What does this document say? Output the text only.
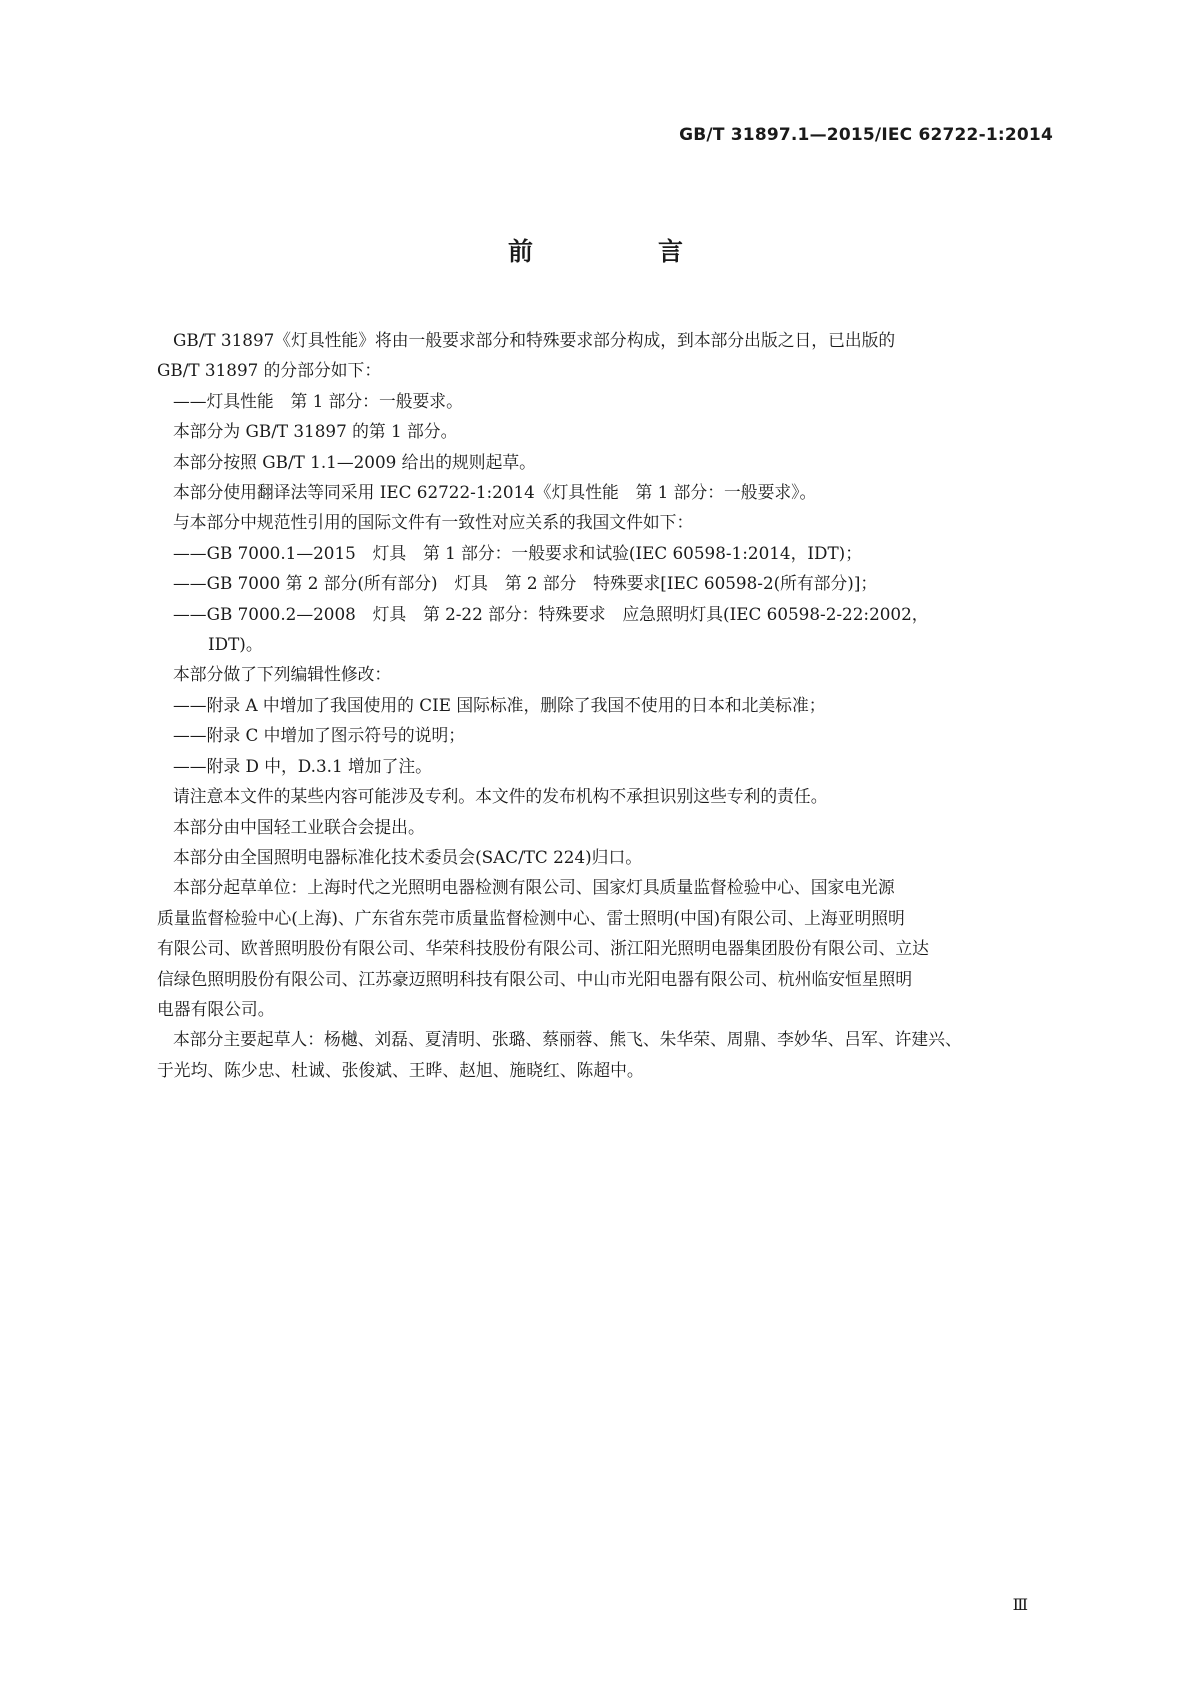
GB/T 31897.1—2015/IEC 62722-1:2014
前　言

GB/T 31897《灯具性能》将由一般要求部分和特殊要求部分构成，到本部分出版之日，已出版的

GB/T 31897 的分部分如下：

——灯具性能　第 1 部分：一般要求。

本部分为 GB/T 31897 的第 1 部分。

本部分按照 GB/T 1.1—2009 给出的规则起草。

本部分使用翻译法等同采用 IEC 62722-1:2014《灯具性能　第 1 部分：一般要求》。

与本部分中规范性引用的国际文件有一致性对应关系的我国文件如下：

——GB 7000.1—2015　灯具　第 1 部分：一般要求和试验(IEC 60598-1:2014，IDT)；

——GB 7000 第 2 部分(所有部分)　灯具　第 2 部分　特殊要求[IEC 60598-2(所有部分)]；

——GB 7000.2—2008　灯具　第 2-22 部分：特殊要求　应急照明灯具(IEC 60598-2-22:2002，

IDT)。

本部分做了下列编辑性修改：

——附录 A 中增加了我国使用的 CIE 国际标准，删除了我国不使用的日本和北美标准；

——附录 C 中增加了图示符号的说明；

——附录 D 中，D.3.1 增加了注。

请注意本文件的某些内容可能涉及专利。本文件的发布机构不承担识别这些专利的责任。

本部分由中国轻工业联合会提出。

本部分由全国照明电器标准化技术委员会(SAC/TC 224)归口。

本部分起草单位：上海时代之光照明电器检测有限公司、国家灯具质量监督检验中心、国家电光源

质量监督检验中心(上海)、广东省东莞市质量监督检测中心、雷士照明(中国)有限公司、上海亚明照明

有限公司、欧普照明股份有限公司、华荣科技股份有限公司、浙江阳光照明电器集团股份有限公司、立达

信绿色照明股份有限公司、江苏豪迈照明科技有限公司、中山市光阳电器有限公司、杭州临安恒星照明

电器有限公司。

本部分主要起草人：杨樾、刘磊、夏清明、张璐、蔡丽蓉、熊飞、朱华荣、周鼎、李妙华、吕军、许建兴、

于光均、陈少忠、杜诚、张俊斌、王晔、赵旭、施晓红、陈超中。

Ⅲ
